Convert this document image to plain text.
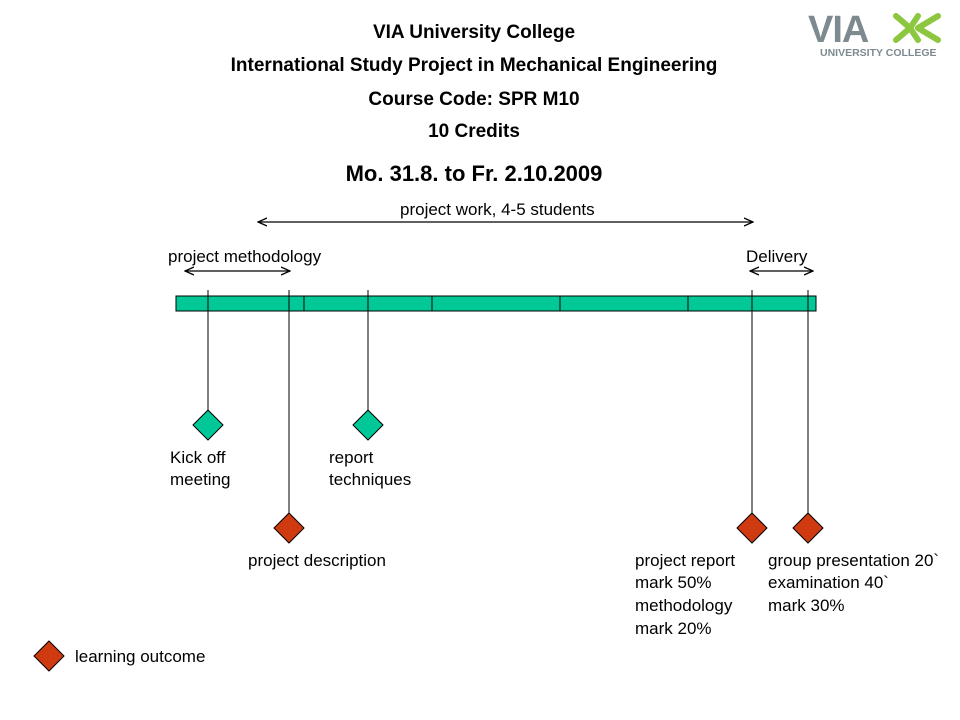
VIA University College
International Study Project in Mechanical Engineering
Course Code: SPR M10
10 Credits
Mo. 31.8. to Fr. 2.10.2009
VIA
UNIVERSITY COLLEGE
project work, 4-5 students
project methodology	Delivery
Kick off
meeting
report
techniques
project description	project report
mark 50%
methodology
mark 20%
group presentation 20`
examination 40`
mark 30%
learning outcome
